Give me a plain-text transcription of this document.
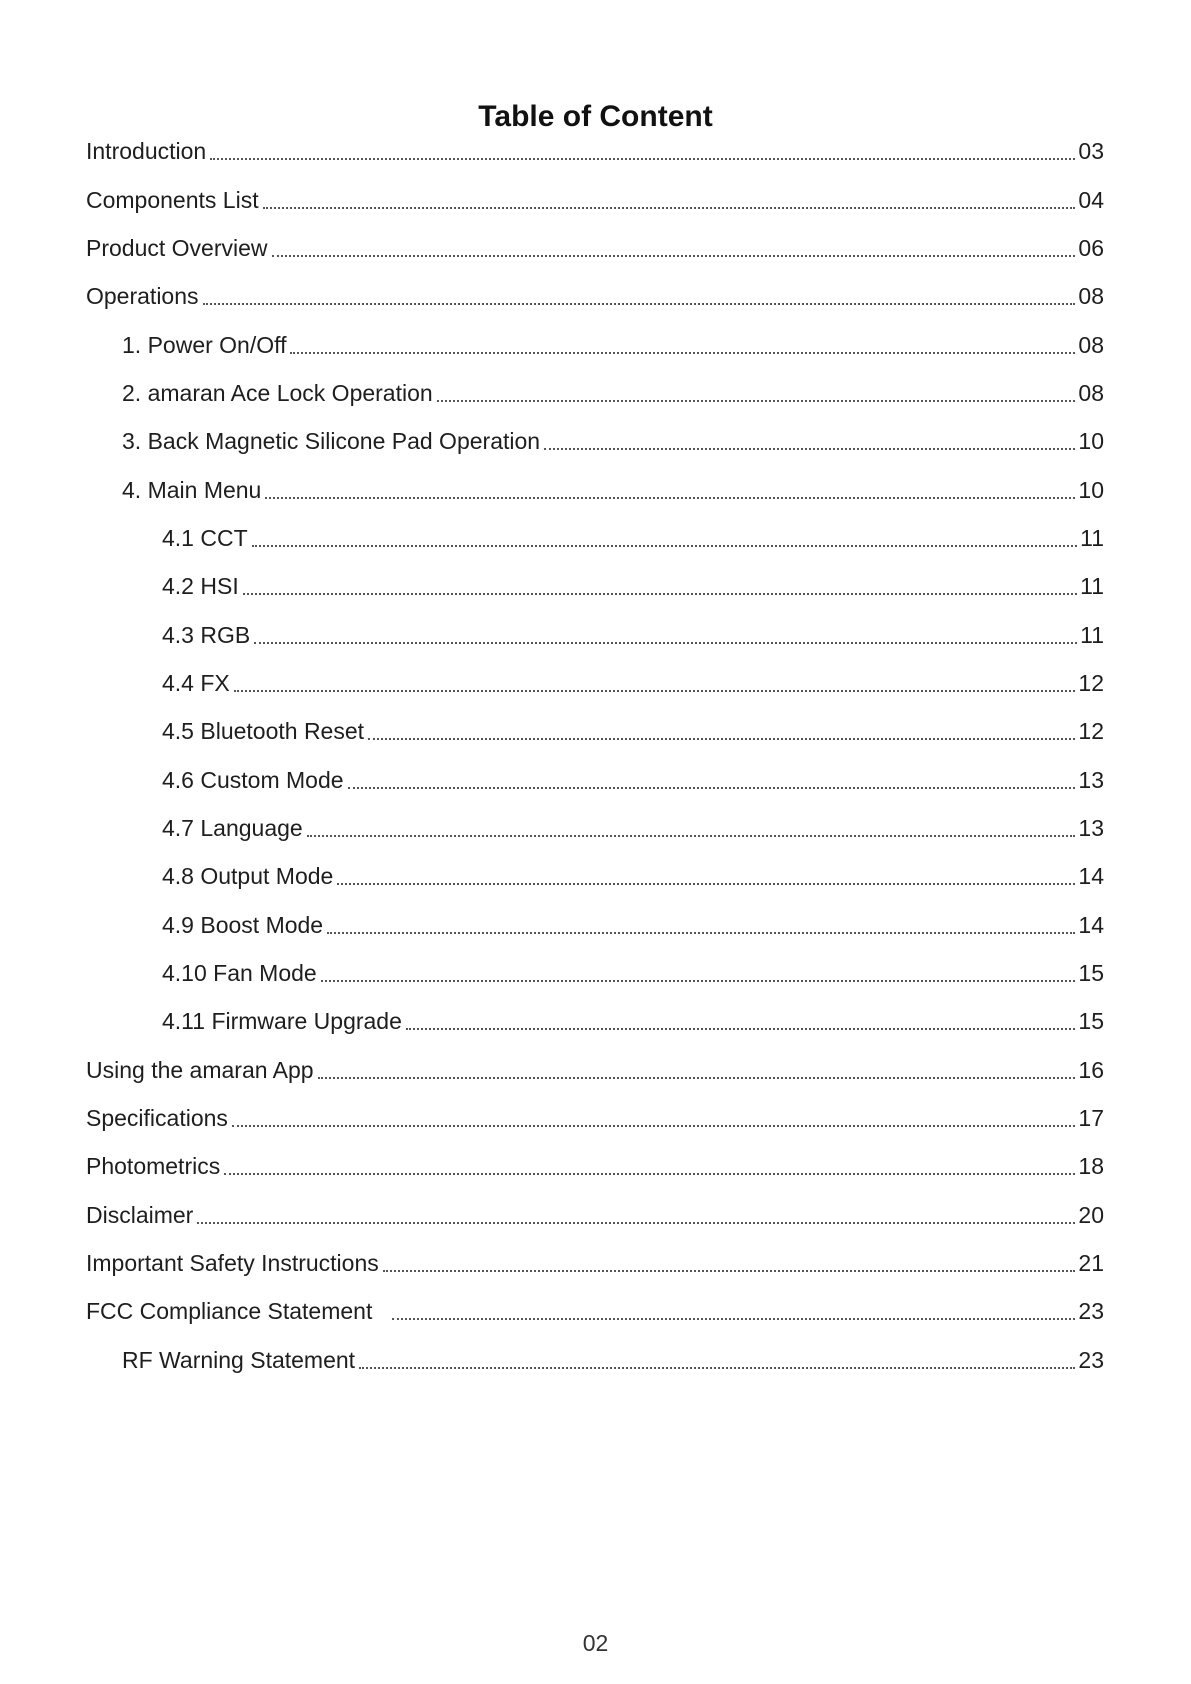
Table of Content
Introduction	03
Components List	04
Product Overview	06
Operations	08
1. Power On/Off	08
2. amaran Ace Lock Operation	08
3. Back Magnetic Silicone Pad Operation	10
4. Main Menu	10
4.1 CCT	11
4.2 HSI	11
4.3 RGB	11
4.4 FX	12
4.5 Bluetooth Reset	12
4.6 Custom Mode	13
4.7 Language	13
4.8 Output Mode	14
4.9 Boost Mode	14
4.10 Fan Mode	15
4.11 Firmware Upgrade	15
Using the amaran App	16
Specifications	17
Photometrics	18
Disclaimer	20
Important Safety Instructions	21
FCC Compliance Statement	23
RF Warning Statement	23
02
